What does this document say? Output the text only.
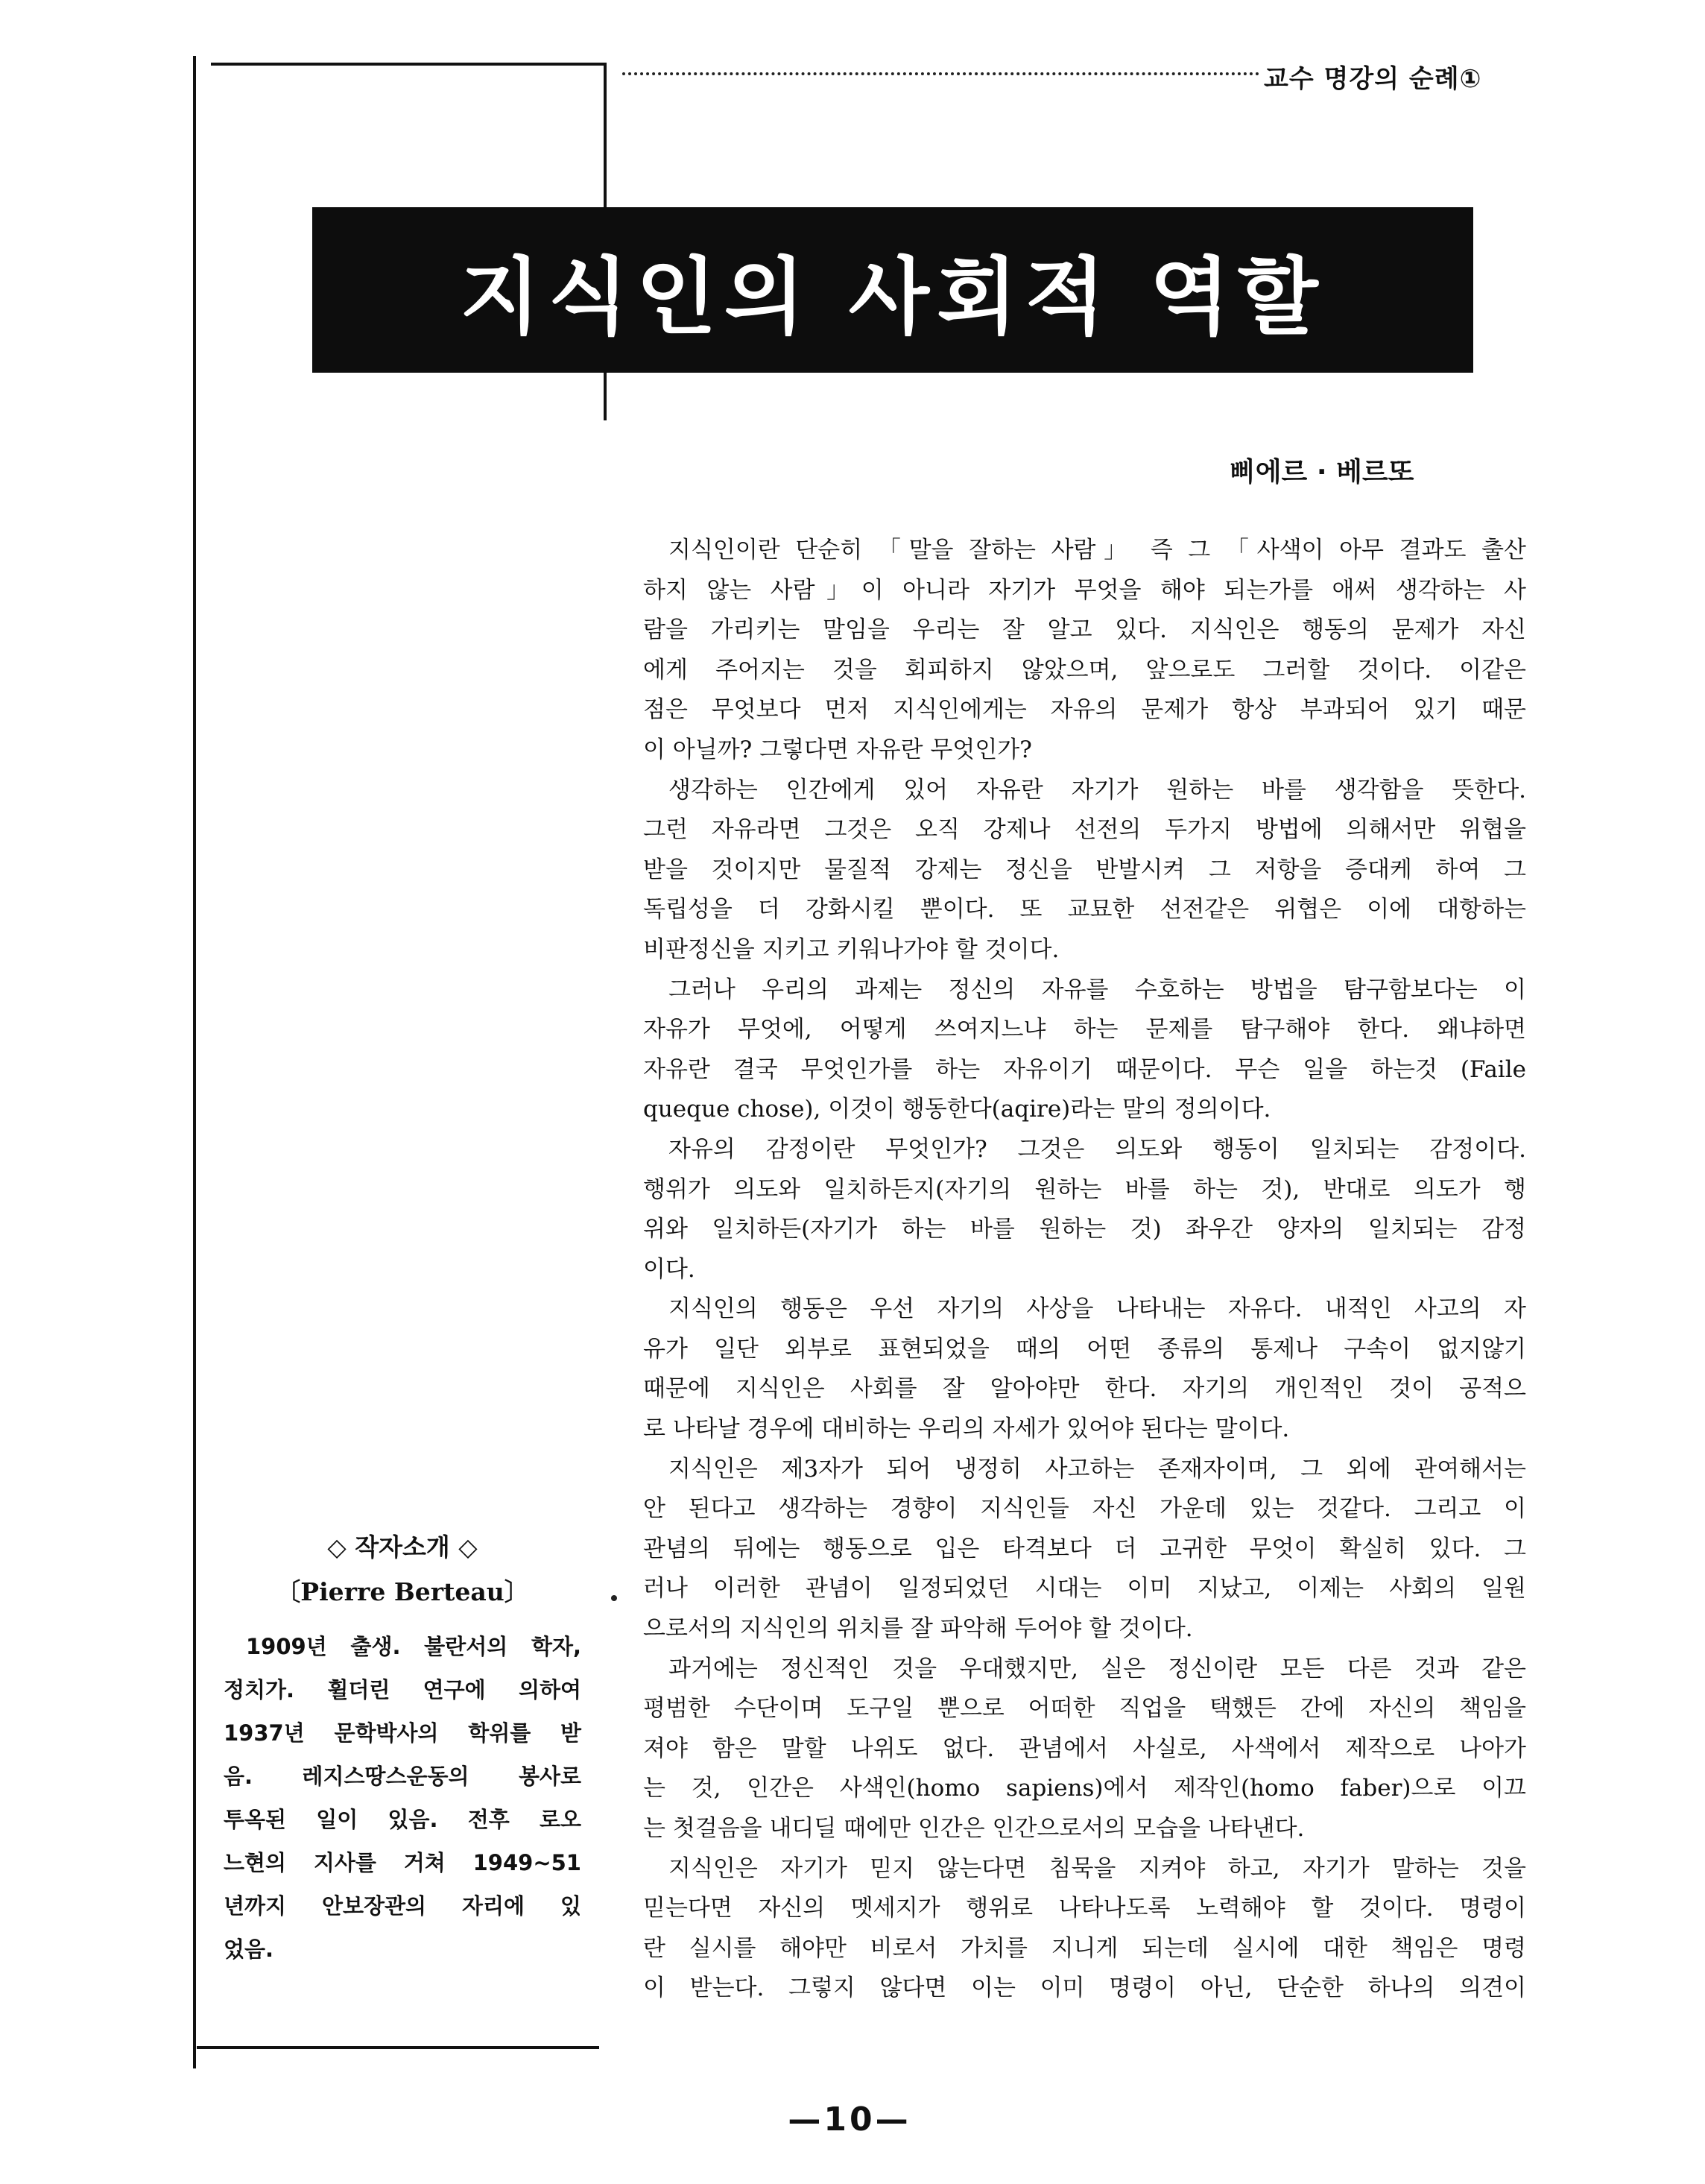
교수 명강의 순례①
지식인의 사회적 역할
삐에르 · 베르또
지식인이란 단순히 「말을 잘하는 사람」 즉 그 「사색이 아무 결과도 출산
하지 않는 사람」이 아니라 자기가 무엇을 해야 되는가를 애써 생각하는 사
람을 가리키는 말임을 우리는 잘 알고 있다. 지식인은 행동의 문제가 자신
에게 주어지는 것을 회피하지 않았으며, 앞으로도 그러할 것이다. 이같은
점은 무엇보다 먼저 지식인에게는 자유의 문제가 항상 부과되어 있기 때문
이 아닐까? 그렇다면 자유란 무엇인가?
생각하는 인간에게 있어 자유란 자기가 원하는 바를 생각함을 뜻한다.
그런 자유라면 그것은 오직 강제나 선전의 두가지 방법에 의해서만 위협을
받을 것이지만 물질적 강제는 정신을 반발시켜 그 저항을 증대케 하여 그
독립성을 더 강화시킬 뿐이다. 또 교묘한 선전같은 위협은 이에 대항하는
비판정신을 지키고 키워나가야 할 것이다.
그러나 우리의 과제는 정신의 자유를 수호하는 방법을 탐구함보다는 이
자유가 무엇에, 어떻게 쓰여지느냐 하는 문제를 탐구해야 한다. 왜냐하면
자유란 결국 무엇인가를 하는 자유이기 때문이다. 무슨 일을 하는것 (Faile
queque chose), 이것이 행동한다(aqire)라는 말의 정의이다.
자유의 감정이란 무엇인가? 그것은 의도와 행동이 일치되는 감정이다.
행위가 의도와 일치하든지(자기의 원하는 바를 하는 것), 반대로 의도가 행
위와 일치하든(자기가 하는 바를 원하는 것) 좌우간 양자의 일치되는 감정
이다.
지식인의 행동은 우선 자기의 사상을 나타내는 자유다. 내적인 사고의 자
유가 일단 외부로 표현되었을 때의 어떤 종류의 통제나 구속이 없지않기
때문에 지식인은 사회를 잘 알아야만 한다. 자기의 개인적인 것이 공적으
로 나타날 경우에 대비하는 우리의 자세가 있어야 된다는 말이다.
지식인은 제3자가 되어 냉정히 사고하는 존재자이며, 그 외에 관여해서는
안 된다고 생각하는 경향이 지식인들 자신 가운데 있는 것같다. 그리고 이
관념의 뒤에는 행동으로 입은 타격보다 더 고귀한 무엇이 확실히 있다. 그
러나 이러한 관념이 일정되었던 시대는 이미 지났고, 이제는 사회의 일원
으로서의 지식인의 위치를 잘 파악해 두어야 할 것이다.
과거에는 정신적인 것을 우대했지만, 실은 정신이란 모든 다른 것과 같은
평범한 수단이며 도구일 뿐으로 어떠한 직업을 택했든 간에 자신의 책임을
져야 함은 말할 나위도 없다. 관념에서 사실로, 사색에서 제작으로 나아가
는 것, 인간은 사색인(homo sapiens)에서 제작인(homo faber)으로 이끄
는 첫걸음을 내디딜 때에만 인간은 인간으로서의 모습을 나타낸다.
지식인은 자기가 믿지 않는다면 침묵을 지켜야 하고, 자기가 말하는 것을
믿는다면 자신의 멧세지가 행위로 나타나도록 노력해야 할 것이다. 명령이
란 실시를 해야만 비로서 가치를 지니게 되는데 실시에 대한 책임은 명령
이 받는다. 그렇지 않다면 이는 이미 명령이 아닌, 단순한 하나의 의견이
◇ 작자소개 ◇
〔Pierre Berteau〕
1909년 출생. 불란서의 학자,
정치가. 휠더린 연구에 의하여
1937년 문학박사의 학위를 받
음. 레지스땅스운동의 봉사로
투옥된 일이 있음. 전후 로오
느현의 지사를 거쳐 1949~51
년까지 안보장관의 자리에 있
었음.
—10—
